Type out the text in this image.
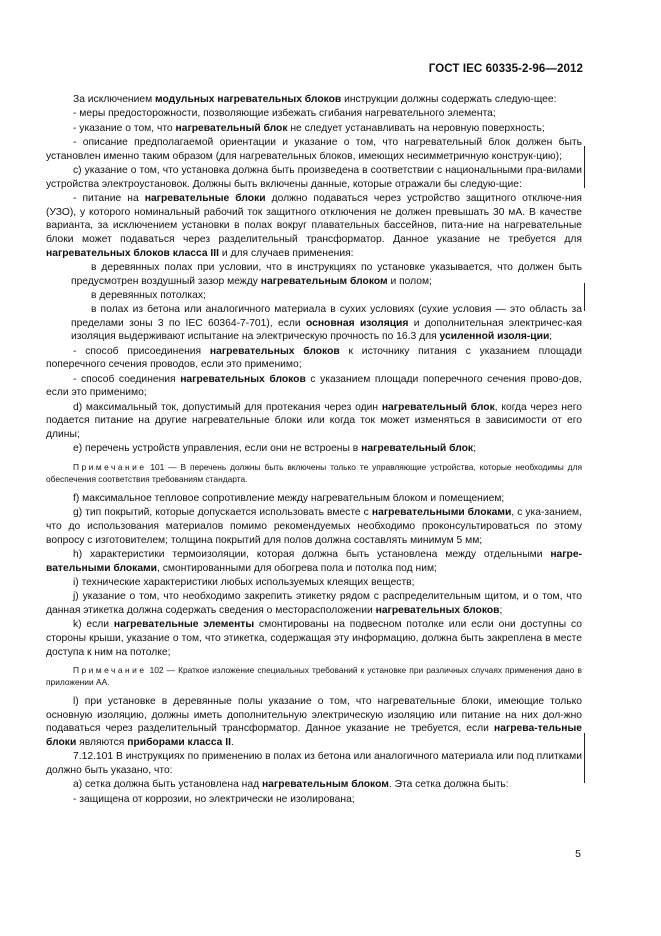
ГОСТ IEC 60335-2-96—2012
За исключением модульных нагревательных блоков инструкции должны содержать следую-щее:
- меры предосторожности, позволяющие избежать сгибания нагревательного элемента;
- указание о том, что нагревательный блок не следует устанавливать на неровную поверхность;
- описание предполагаемой ориентации и указание о том, что нагревательный блок должен быть установлен именно таким образом (для нагревательных блоков, имеющих несимметричную конструк-цию);
с) указание о том, что установка должна быть произведена в соответствии с национальными пра-вилами устройства электроустановок. Должны быть включены данные, которые отражали бы следую-щие:
- питание на нагревательные блоки должно подаваться через устройство защитного отключе-ния (УЗО), у которого номинальный рабочий ток защитного отключения не должен превышать 30 мА. В качестве варианта, за исключением установки в полах вокруг плавательных бассейнов, пита-ние на нагревательные блоки может подаваться через разделительный трансформатор. Данное указание не требуется для нагревательных блоков класса III и для случаев применения:
в деревянных полах при условии, что в инструкциях по установке указывается, что должен быть предусмотрен воздушный зазор между нагревательным блоком и полом;
в деревянных потолках;
в полах из бетона или аналогичного материала в сухих условиях (сухие условия — это область за пределами зоны 3 по IEC 60364-7-701), если основная изоляция и дополнительная электричес-кая изоляция выдерживают испытание на электрическую прочность по 16.3 для усиленной изоля-ции;
- способ присоединения нагревательных блоков к источнику питания с указанием площади поперечного сечения проводов, если это применимо;
- способ соединения нагревательных блоков с указанием площади поперечного сечения прово-дов, если это применимо;
d) максимальный ток, допустимый для протекания через один нагревательный блок, когда через него подается питание на другие нагревательные блоки или когда ток может изменяться в зависимости от его длины;
е) перечень устройств управления, если они не встроены в нагревательный блок;
Примечание 101 — В перечень должны быть включены только те управляющие устройства, которые необходимы для обеспечения соответствия требованиям стандарта.
f) максимальное тепловое сопротивление между нагревательным блоком и помещением;
g) тип покрытий, которые допускается использовать вместе с нагревательными блоками, с ука-занием, что до использования материалов помимо рекомендуемых необходимо проконсультироваться по этому вопросу с изготовителем; толщина покрытий для полов должна составлять минимум 5 мм;
h) характеристики термоизоляции, которая должна быть установлена между отдельными нагре-вательными блоками, смонтированными для обогрева пола и потолка под ним;
i) технические характеристики любых используемых клеящих веществ;
j) указание о том, что необходимо закрепить этикетку рядом с распределительным щитом, и о том, что данная этикетка должна содержать сведения о месторасположении нагревательных блоков;
k) если нагревательные элементы смонтированы на подвесном потолке или если они доступны со стороны крыши, указание о том, что этикетка, содержащая эту информацию, должна быть закреплена в месте доступа к ним на потолке;
Примечание 102 — Краткое изложение специальных требований к установке при различных случаях применения дано в приложении АА.
l) при установке в деревянные полы указание о том, что нагревательные блоки, имеющие только основную изоляцию, должны иметь дополнительную электрическую изоляцию или питание на них дол-жно подаваться через разделительный трансформатор. Данное указание не требуется, если нагрева-тельные блоки являются приборами класса II.
7.12.101 В инструкциях по применению в полах из бетона или аналогичного материала или под плитками должно быть указано, что:
а) сетка должна быть установлена над нагревательным блоком. Эта сетка должна быть:
- защищена от коррозии, но электрически не изолирована;
5
